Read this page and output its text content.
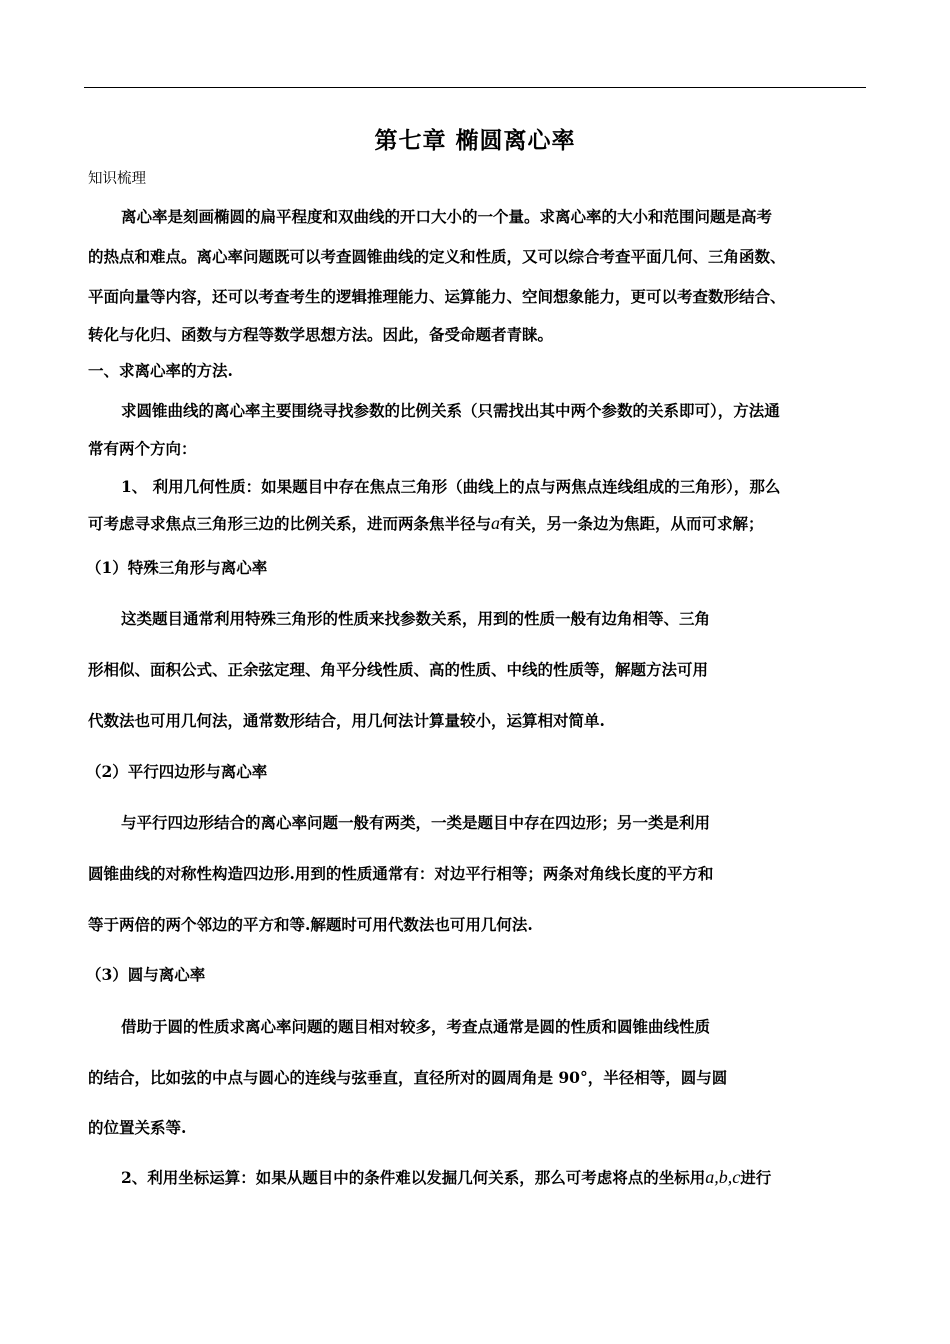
第七章 椭圆离心率

知识梳理

离心率是刻画椭圆的扁平程度和双曲线的开口大小的一个量。求离心率的大小和范围问题是高考

的热点和难点。离心率问题既可以考查圆锥曲线的定义和性质，又可以综合考查平面几何、三角函数、

平面向量等内容，还可以考查考生的逻辑推理能力、运算能力、空间想象能力，更可以考查数形结合、

转化与化归、函数与方程等数学思想方法。因此，备受命题者青睐。

一、求离心率的方法.

求圆锥曲线的离心率主要围绕寻找参数的比例关系（只需找出其中两个参数的关系即可），方法通

常有两个方向：

1、 利用几何性质：如果题目中存在焦点三角形（曲线上的点与两焦点连线组成的三角形），那么

可考虑寻求焦点三角形三边的比例关系，进而两条焦半径与a有关，另一条边为焦距，从而可求解；

（1）特殊三角形与离心率

这类题目通常利用特殊三角形的性质来找参数关系，用到的性质一般有边角相等、三角

形相似、面积公式、正余弦定理、角平分线性质、高的性质、中线的性质等，解题方法可用

代数法也可用几何法，通常数形结合，用几何法计算量较小，运算相对简单.

（2）平行四边形与离心率

与平行四边形结合的离心率问题一般有两类，一类是题目中存在四边形；另一类是利用

圆锥曲线的对称性构造四边形.用到的性质通常有：对边平行相等；两条对角线长度的平方和

等于两倍的两个邻边的平方和等.解题时可用代数法也可用几何法.

（3）圆与离心率

借助于圆的性质求离心率问题的题目相对较多，考查点通常是圆的性质和圆锥曲线性质

的结合，比如弦的中点与圆心的连线与弦垂直，直径所对的圆周角是 90°，半径相等，圆与圆

的位置关系等.

2、利用坐标运算：如果从题目中的条件难以发掘几何关系，那么可考虑将点的坐标用a,b,c进行
